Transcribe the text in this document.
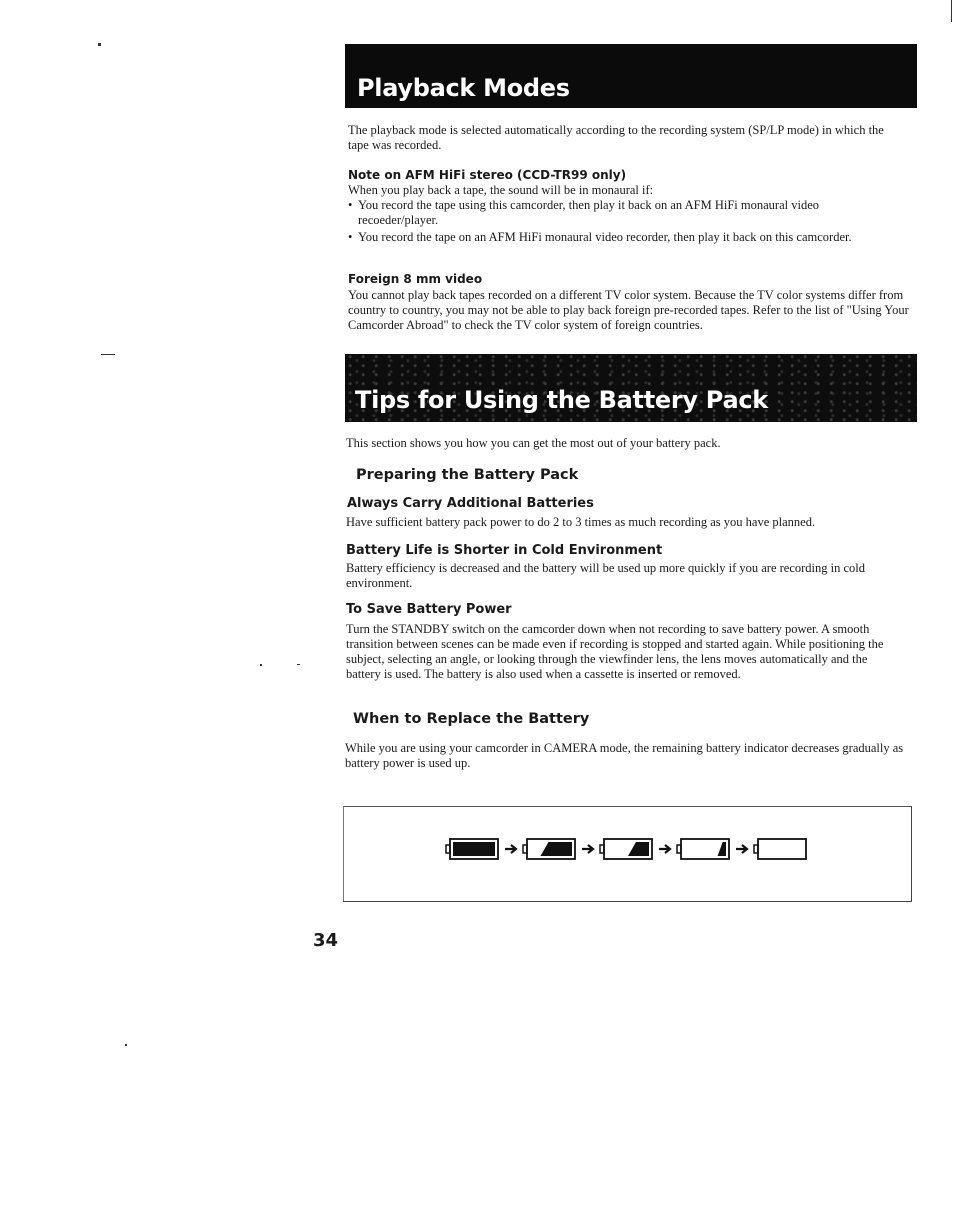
Playback Modes

The playback mode is selected automatically according to the recording system (SP/LP mode) in which the tape was recorded.

Note on AFM HiFi stereo (CCD-TR99 only)

When you play back a tape, the sound will be in monaural if:

• You record the tape using this camcorder, then play it back on an AFM HiFi monaural video recoeder/player.
• You record the tape on an AFM HiFi monaural video recorder, then play it back on this camcorder.
Foreign 8 mm video

You cannot play back tapes recorded on a different TV color system. Because the TV color systems differ from country to country, you may not be able to play back foreign pre-recorded tapes. Refer to the list of "Using Your Camcorder Abroad" to check the TV color system of foreign countries.

Tips for Using the Battery Pack

This section shows you how you can get the most out of your battery pack.

Preparing the Battery Pack
Always Carry Additional Batteries

Have sufficient battery pack power to do 2 to 3 times as much recording as you have planned.

Battery Life is Shorter in Cold Environment

Battery efficiency is decreased and the battery will be used up more quickly if you are recording in cold environment.

To Save Battery Power

Turn the STANDBY switch on the camcorder down when not recording to save battery power. A smooth transition between scenes can be made even if recording is stopped and started again. While positioning the subject, selecting an angle, or looking through the viewfinder lens, the lens moves automatically and the battery is used. The battery is also used when a cassette is inserted or removed.

When to Replace the Battery

While you are using your camcorder in CAMERA mode, the remaining battery indicator decreases gradually as battery power is used up.

34
